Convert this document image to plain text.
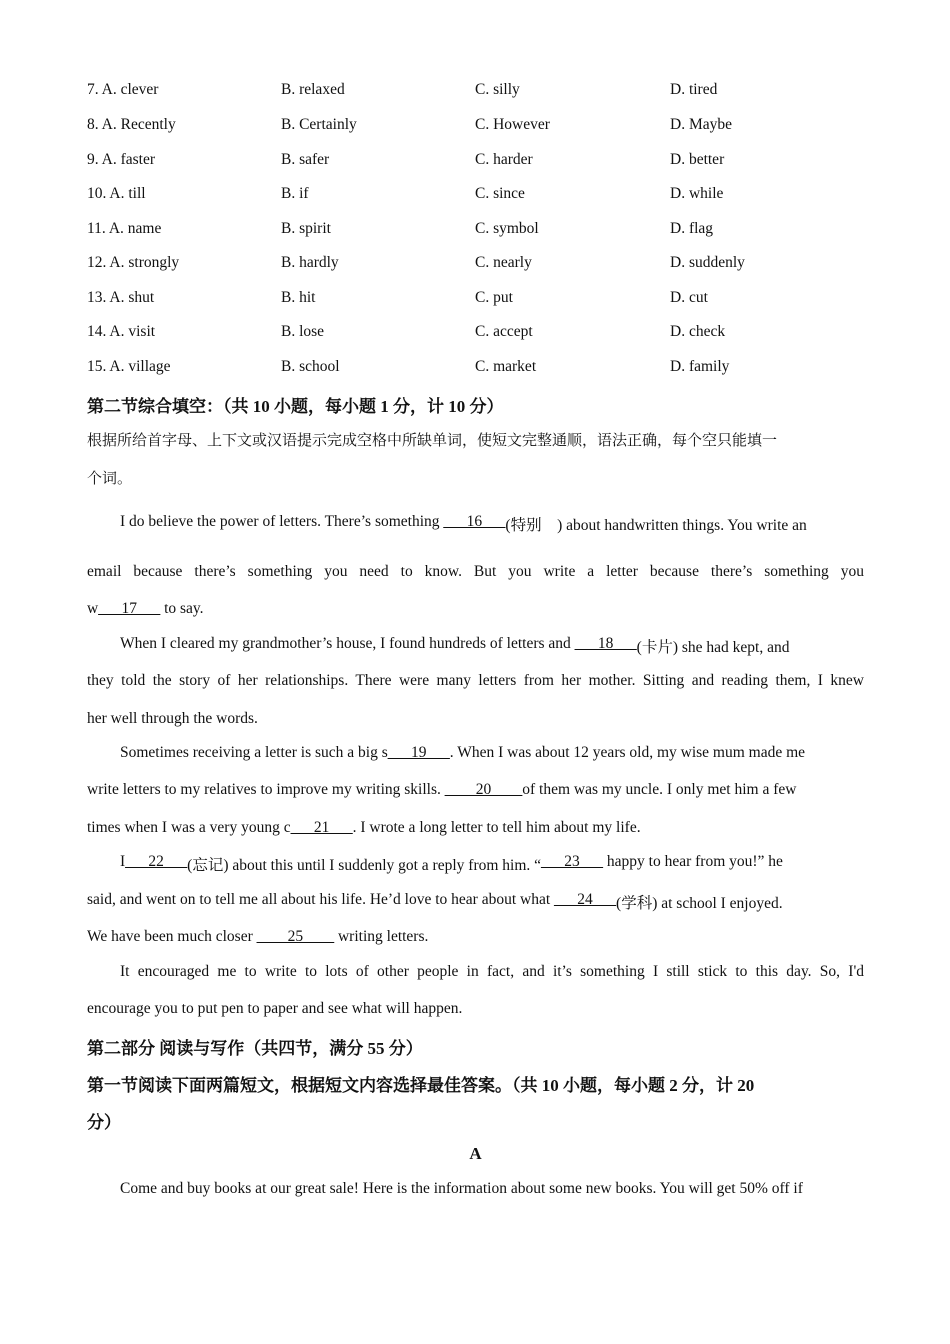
7. A. clever	B. relaxed	C. silly	D. tired
8. A. Recently	B. Certainly	C. However	D. Maybe
9. A. faster	B. safer	C. harder	D. better
10. A. till	B. if	C. since	D. while
11. A. name	B. spirit	C. symbol	D. flag
12. A. strongly	B. hardly	C. nearly	D. suddenly
13. A. shut	B. hit	C. put	D. cut
14. A. visit	B. lose	C. accept	D. check
15. A. village	B. school	C. market	D. family
第二节综合填空：（共 10 小题，每小题 1 分，计 10 分）
根据所给首字母、上下文或汉语提示完成空格中所缺单词，使短文完整通顺，语法正确，每个空只能填一
个词。
I do believe the power of letters. There’s something ___16___ (特别    ) about handwritten things. You write an
email because there’s something you need to know. But you write a letter because there’s something you
w ___17___ to say.
When I cleared my grandmother’s house, I found hundreds of letters and ___18___ (卡片) she had kept, and
they told the story of her relationships. There were many letters from her mother. Sitting and reading them, I knew
her well through the words.
Sometimes receiving a letter is such a big s ___19___ . When I was about 12 years old, my wise mum made me
write letters to my relatives to improve my writing skills. ____20____ of them was my uncle. I only met him a few
times when I was a very young c ___21___ . I wrote a long letter to tell him about my life.
I ___22___ (忘记) about this until I suddenly got a reply from him. “ ___23___ happy to hear from you!” he
said, and went on to tell me all about his life. He’d love to hear about what ___24___ (学科) at school I enjoyed.
We have been much closer ____25____ writing letters.
It encouraged me to write to lots of other people in fact, and it’s something I still stick to this day. So, I'd
encourage you to put pen to paper and see what will happen.
第二部分 阅读与写作（共四节，满分 55 分）
第一节阅读下面两篇短文，根据短文内容选择最佳答案。（共 10 小题，每小题 2 分，计 20
分）
A
Come and buy books at our great sale! Here is the information about some new books. You will get 50% off if
